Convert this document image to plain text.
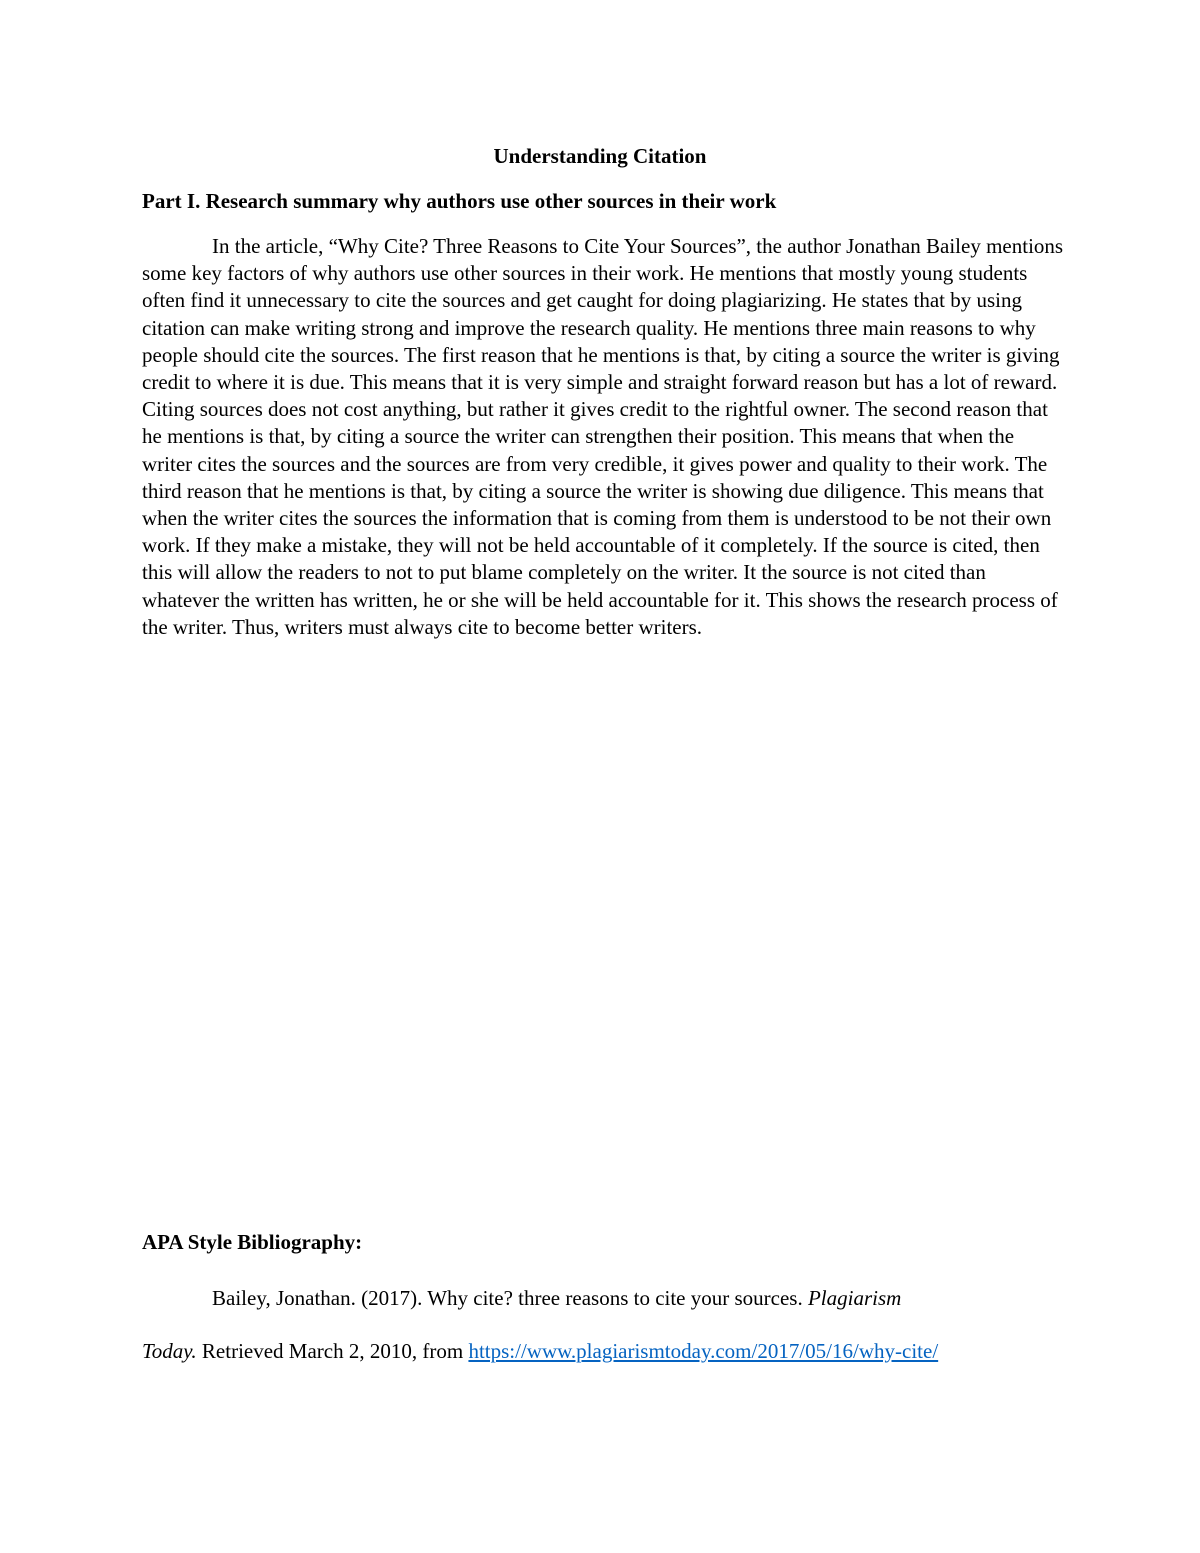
Understanding Citation
Part I. Research summary why authors use other sources in their work

In the article, “Why Cite? Three Reasons to Cite Your Sources”, the author Jonathan Bailey mentions some key factors of why authors use other sources in their work. He mentions that mostly young students often find it unnecessary to cite the sources and get caught for doing plagiarizing. He states that by using citation can make writing strong and improve the research quality. He mentions three main reasons to why people should cite the sources. The first reason that he mentions is that, by citing a source the writer is giving credit to where it is due. This means that it is very simple and straight forward reason but has a lot of reward. Citing sources does not cost anything, but rather it gives credit to the rightful owner. The second reason that he mentions is that, by citing a source the writer can strengthen their position. This means that when the writer cites the sources and the sources are from very credible, it gives power and quality to their work. The third reason that he mentions is that, by citing a source the writer is showing due diligence. This means that when the writer cites the sources the information that is coming from them is understood to be not their own work. If they make a mistake, they will not be held accountable of it completely. If the source is cited, then this will allow the readers to not to put blame completely on the writer. It the source is not cited than whatever the written has written, he or she will be held accountable for it. This shows the research process of the writer. Thus, writers must always cite to become better writers.

APA Style Bibliography:
Bailey, Jonathan. (2017). Why cite? three reasons to cite your sources. Plagiarism
Today. Retrieved March 2, 2010, from https://www.plagiarismtoday.com/2017/05/16/why-cite/
